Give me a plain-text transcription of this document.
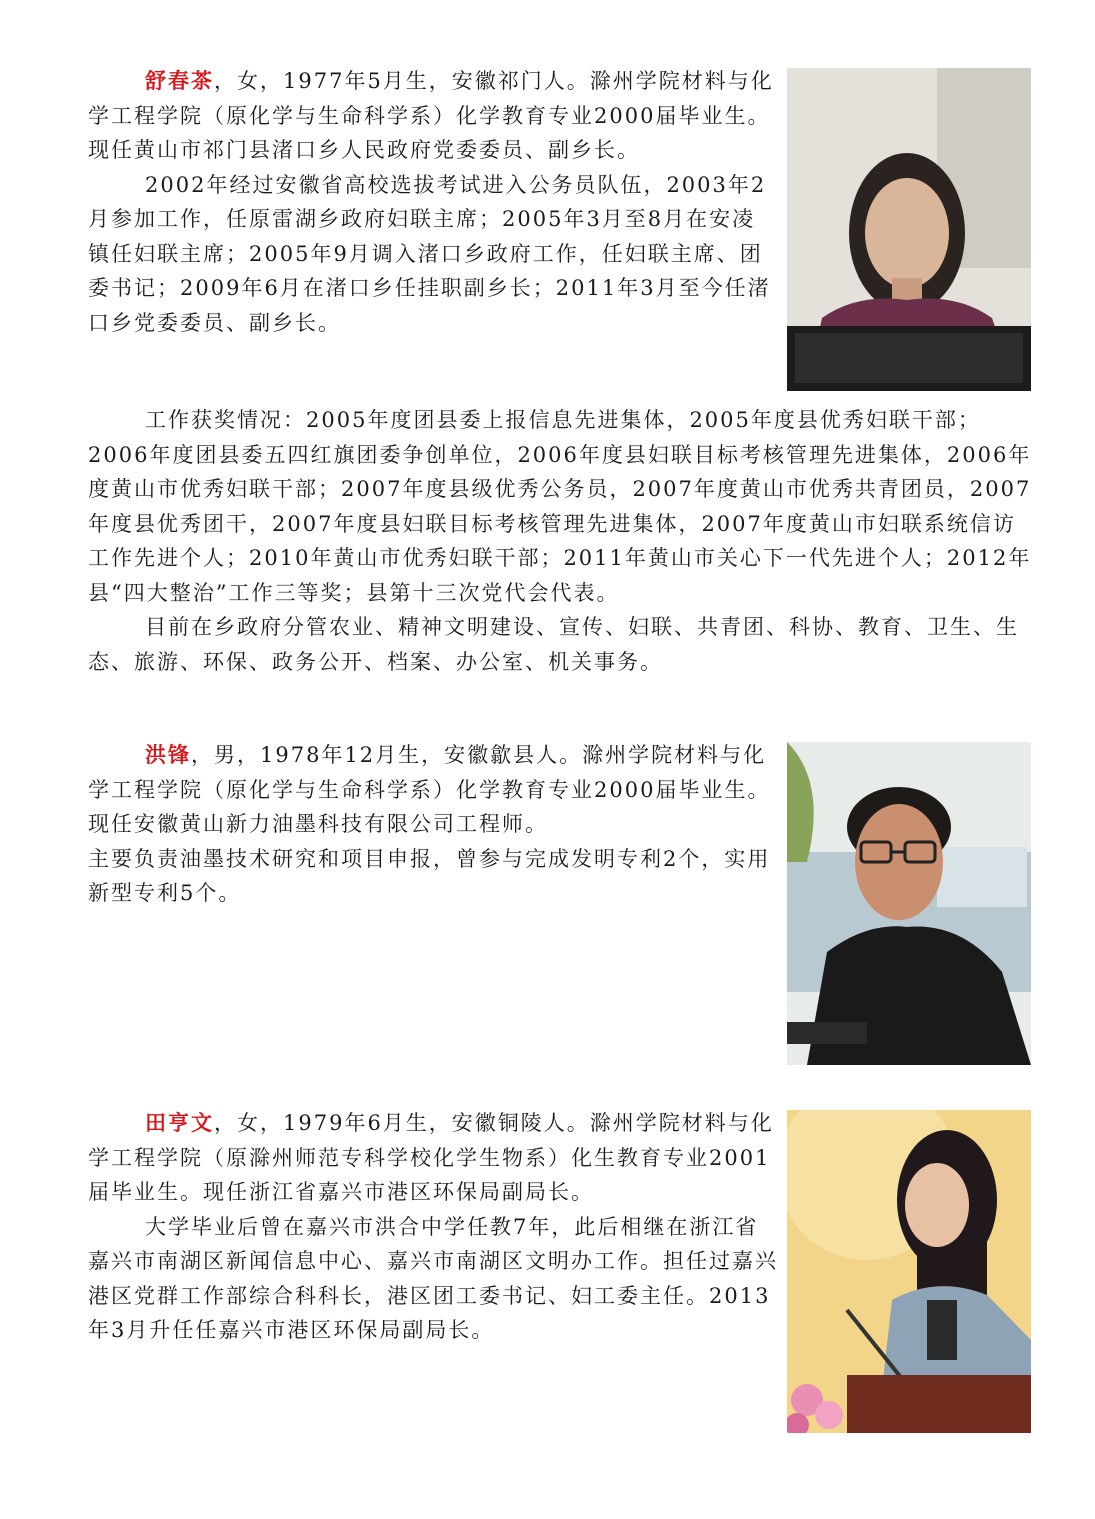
舒春茶，女，1977年5月生，安徽祁门人。滁州学院材料与化学工程学院（原化学与生命科学系）化学教育专业2000届毕业生。现任黄山市祁门县渚口乡人民政府党委委员、副乡长。

2002年经过安徽省高校选拔考试进入公务员队伍，2003年2月参加工作，任原雷湖乡政府妇联主席；2005年3月至8月在安凌镇任妇联主席；2005年9月调入渚口乡政府工作，任妇联主席、团委书记；2009年6月在渚口乡任挂职副乡长；2011年3月至今任渚口乡党委委员、副乡长。

工作获奖情况：2005年度团县委上报信息先进集体，2005年度县优秀妇联干部；2006年度团县委五四红旗团委争创单位，2006年度县妇联目标考核管理先进集体，2006年度黄山市优秀妇联干部；2007年度县级优秀公务员，2007年度黄山市优秀共青团员，2007年度县优秀团干，2007年度县妇联目标考核管理先进集体，2007年度黄山市妇联系统信访工作先进个人；2010年黄山市优秀妇联干部；2011年黄山市关心下一代先进个人；2012年县“四大整治”工作三等奖；县第十三次党代会代表。

目前在乡政府分管农业、精神文明建设、宣传、妇联、共青团、科协、教育、卫生、生态、旅游、环保、政务公开、档案、办公室、机关事务。

洪锋，男，1978年12月生，安徽歙县人。滁州学院材料与化学工程学院（原化学与生命科学系）化学教育专业2000届毕业生。现任安徽黄山新力油墨科技有限公司工程师。

主要负责油墨技术研究和项目申报，曾参与完成发明专利2个，实用新型专利5个。

田亨文，女，1979年6月生，安徽铜陵人。滁州学院材料与化学工程学院（原滁州师范专科学校化学生物系）化生教育专业2001届毕业生。现任浙江省嘉兴市港区环保局副局长。

大学毕业后曾在嘉兴市洪合中学任教7年，此后相继在浙江省嘉兴市南湖区新闻信息中心、嘉兴市南湖区文明办工作。担任过嘉兴港区党群工作部综合科科长，港区团工委书记、妇工委主任。2013年3月升任任嘉兴市港区环保局副局长。
